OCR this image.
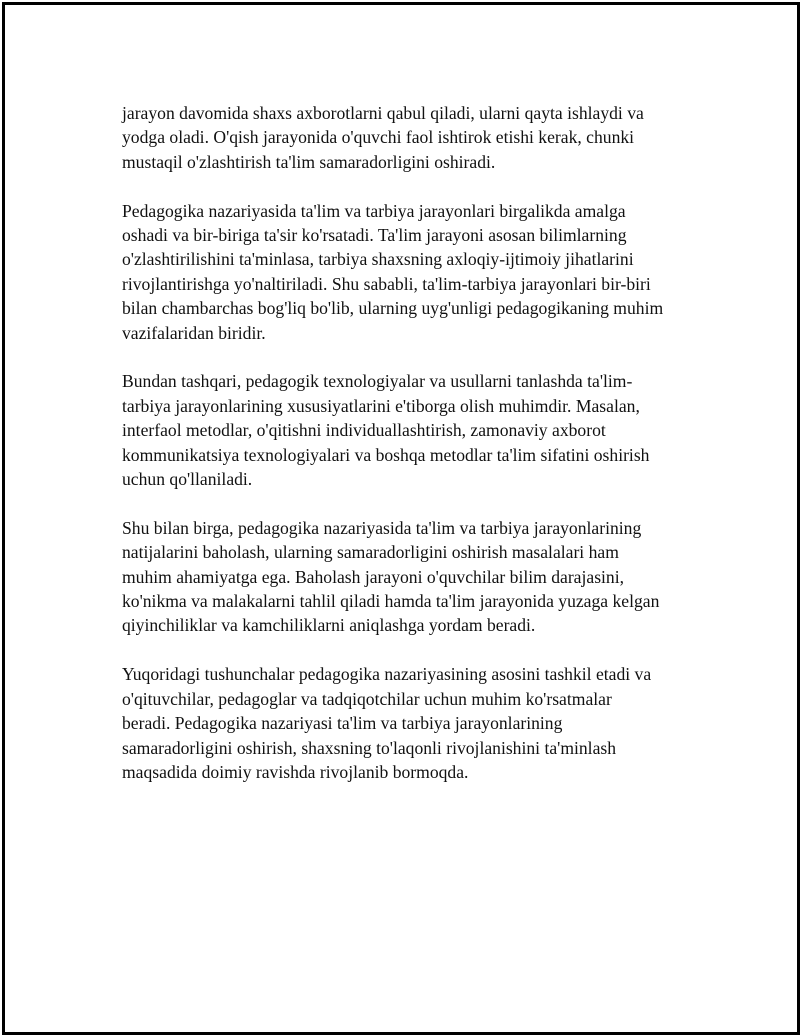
jarayon davomida shaxs axborotlarni qabul qiladi, ularni qayta ishlaydi va
yodga oladi. O'qish jarayonida o'quvchi faol ishtirok etishi kerak, chunki
mustaqil o'zlashtirish ta'lim samaradorligini oshiradi.

Pedagogika nazariyasida ta'lim va tarbiya jarayonlari birgalikda amalga
oshadi va bir-biriga ta'sir ko'rsatadi. Ta'lim jarayoni asosan bilimlarning
o'zlashtirilishini ta'minlasa, tarbiya shaxsning axloqiy-ijtimoiy jihatlarini
rivojlantirishga yo'naltiriladi. Shu sababli, ta'lim-tarbiya jarayonlari bir-biri
bilan chambarchas bog'liq bo'lib, ularning uyg'unligi pedagogikaning muhim
vazifalaridan biridir.

Bundan tashqari, pedagogik texnologiyalar va usullarni tanlashda ta'lim-
tarbiya jarayonlarining xususiyatlarini e'tiborga olish muhimdir. Masalan,
interfaol metodlar, o'qitishni individuallashtirish, zamonaviy axborot
kommunikatsiya texnologiyalari va boshqa metodlar ta'lim sifatini oshirish
uchun qo'llaniladi.

Shu bilan birga, pedagogika nazariyasida ta'lim va tarbiya jarayonlarining
natijalarini baholash, ularning samaradorligini oshirish masalalari ham
muhim ahamiyatga ega. Baholash jarayoni o'quvchilar bilim darajasini,
ko'nikma va malakalarni tahlil qiladi hamda ta'lim jarayonida yuzaga kelgan
qiyinchiliklar va kamchiliklarni aniqlashga yordam beradi.

Yuqoridagi tushunchalar pedagogika nazariyasining asosini tashkil etadi va
o'qituvchilar, pedagoglar va tadqiqotchilar uchun muhim ko'rsatmalar
beradi. Pedagogika nazariyasi ta'lim va tarbiya jarayonlarining
samaradorligini oshirish, shaxsning to'laqonli rivojlanishini ta'minlash
maqsadida doimiy ravishda rivojlanib bormoqda.
